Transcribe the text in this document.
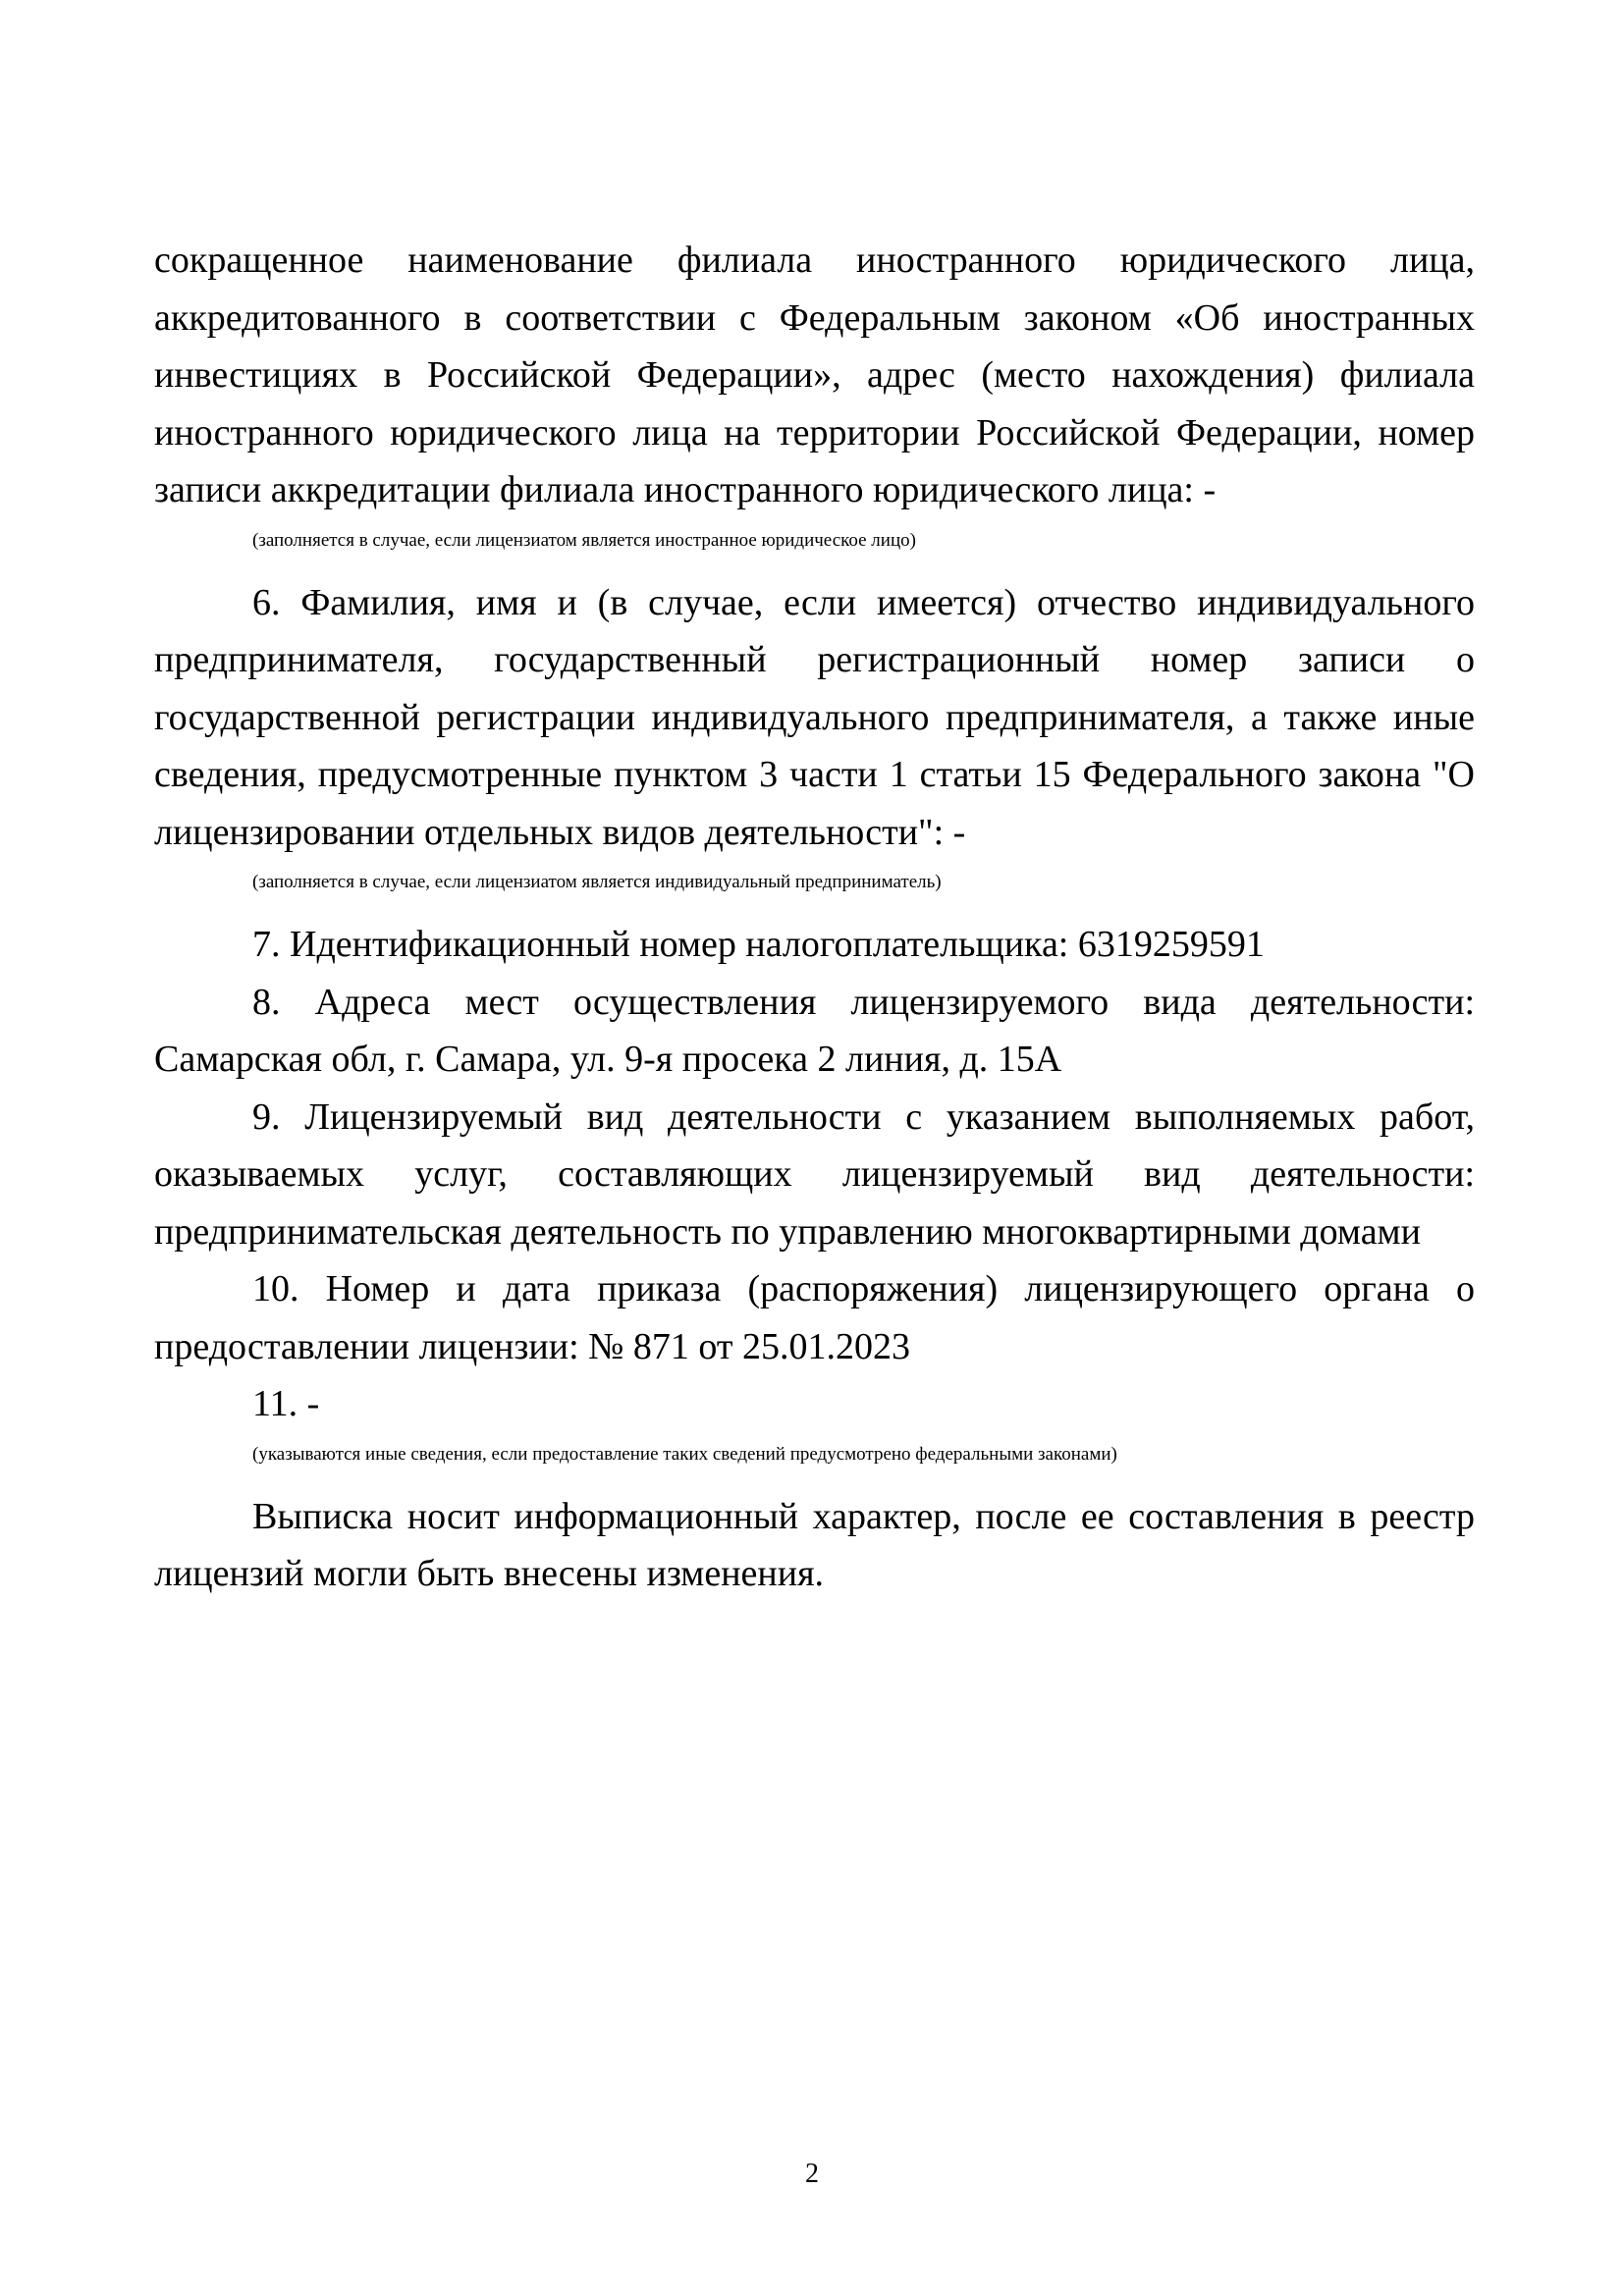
сокращенное наименование филиала иностранного юридического лица, аккредитованного в соответствии с Федеральным законом «Об иностранных инвестициях в Российской Федерации», адрес (место нахождения) филиала иностранного юридического лица на территории Российской Федерации, номер записи аккредитации филиала иностранного юридического лица: -

(заполняется в случае, если лицензиатом является иностранное юридическое лицо)

6. Фамилия, имя и (в случае, если имеется) отчество индивидуального предпринимателя, государственный регистрационный номер записи о государственной регистрации индивидуального предпринимателя, а также иные сведения, предусмотренные пунктом 3 части 1 статьи 15 Федерального закона "О лицензировании отдельных видов деятельности": -

(заполняется в случае, если лицензиатом является индивидуальный предприниматель)

7. Идентификационный номер налогоплательщика: 6319259591

8. Адреса мест осуществления лицензируемого вида деятельности: Самарская обл, г. Самара, ул. 9-я просека 2 линия, д. 15А

9. Лицензируемый вид деятельности с указанием выполняемых работ, оказываемых услуг, составляющих лицензируемый вид деятельности: предпринимательская деятельность по управлению многоквартирными домами

10. Номер и дата приказа (распоряжения) лицензирующего органа о предоставлении лицензии: № 871 от 25.01.2023

11. -

(указываются иные сведения, если предоставление таких сведений предусмотрено федеральными законами)

Выписка носит информационный характер, после ее составления в реестр лицензий могли быть внесены изменения.

2
